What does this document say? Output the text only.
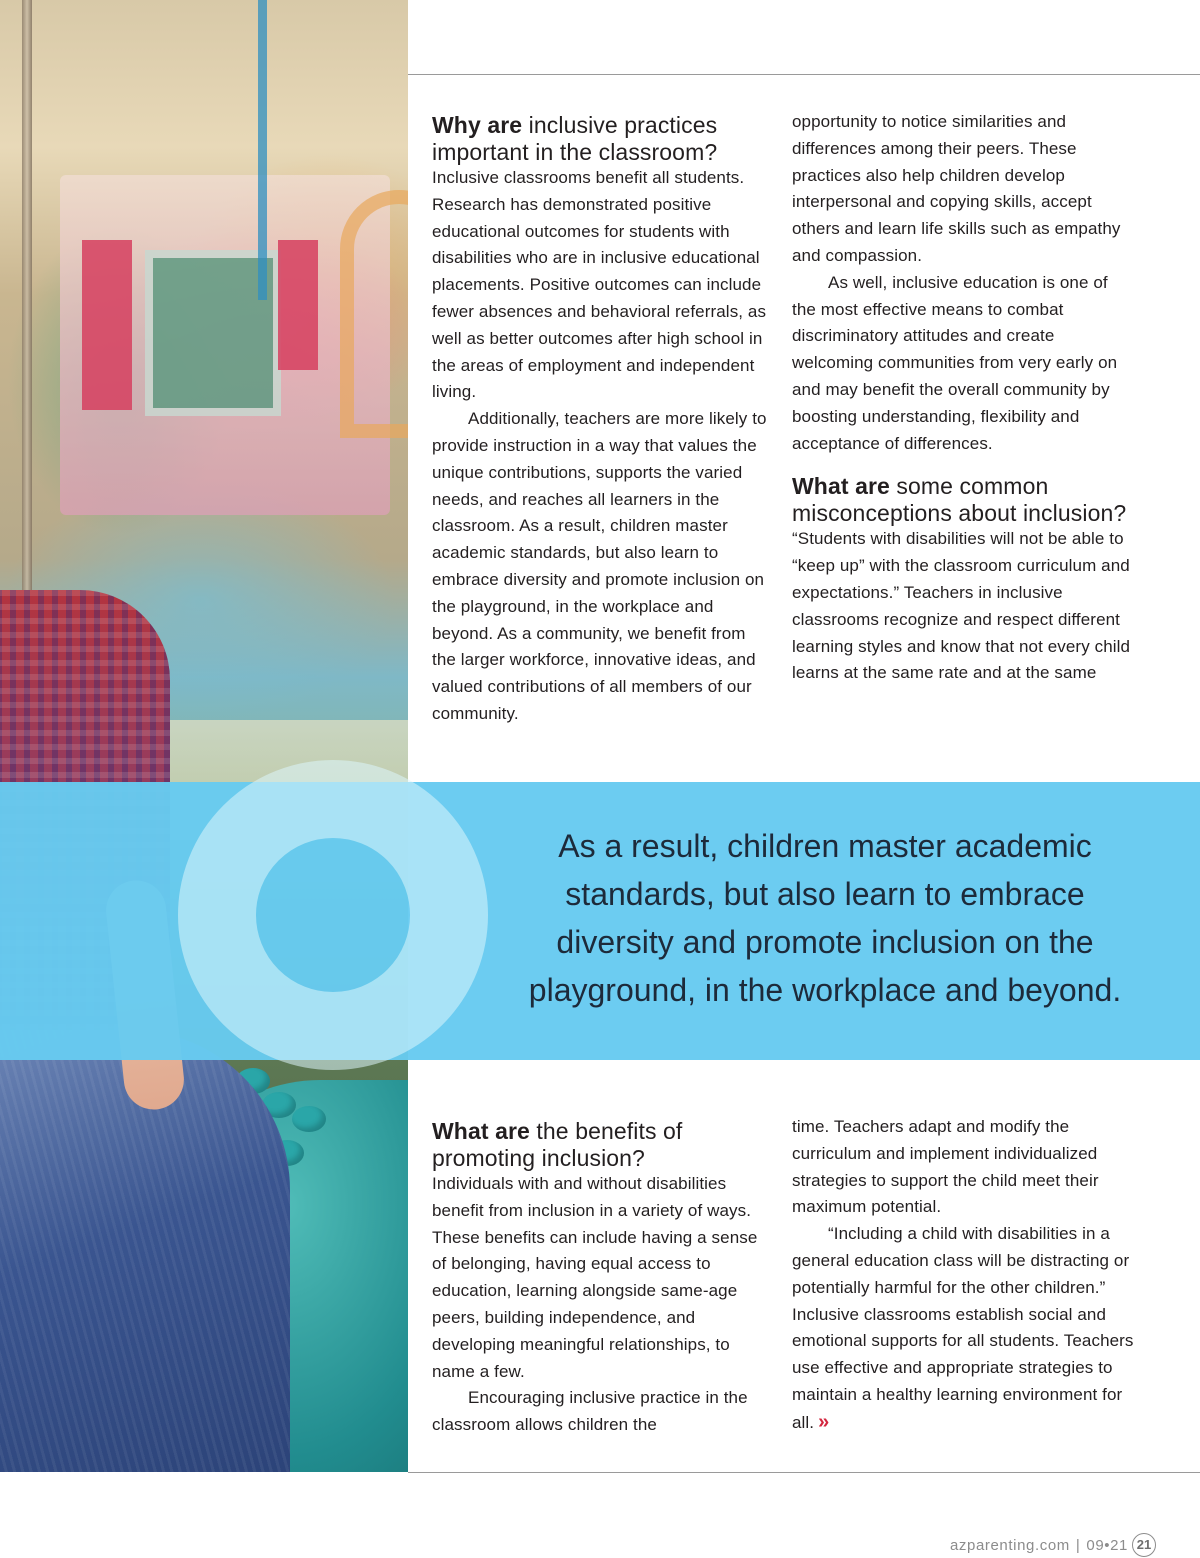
Why are inclusive practices important in the classroom?

Inclusive classrooms benefit all students. Research has demonstrated positive educational outcomes for students with disabilities who are in inclusive educational placements. Positive outcomes can include fewer absences and behavioral referrals, as well as better outcomes after high school in the areas of employment and independent living.

Additionally, teachers are more likely to provide instruction in a way that values the unique contributions, supports the varied needs, and reaches all learners in the classroom. As a result, children master academic standards, but also learn to embrace diversity and promote inclusion on the playground, in the workplace and beyond. As a community, we benefit from the larger workforce, innovative ideas, and valued contributions of all members of our community.

opportunity to notice similarities and differences among their peers. These practices also help children develop interpersonal and copying skills, accept others and learn life skills such as empathy and compassion.

As well, inclusive education is one of the most effective means to combat discriminatory attitudes and create welcoming communities from very early on and may benefit the overall community by boosting understanding, flexibility and acceptance of differences.

What are some common misconceptions about inclusion?

“Students with disabilities will not be able to “keep up” with the classroom curriculum and expectations.” Teachers in inclusive classrooms recognize and respect different learning styles and know that not every child learns at the same rate and at the same

As a result, children master academic
standards, but also learn to embrace
diversity and promote inclusion on the
playground, in the workplace and beyond.
What are the benefits of promoting inclusion?

Individuals with and without disabilities benefit from inclusion in a variety of ways. These benefits can include having a sense of belonging, having equal access to education, learning alongside same-age peers, building independence, and developing meaningful relationships, to name a few.

Encouraging inclusive practice in the classroom allows children the

time. Teachers adapt and modify the curriculum and implement individualized strategies to support the child meet their maximum potential.

“Including a child with disabilities in a general education class will be distracting or potentially harmful for the other children.” Inclusive classrooms establish social and emotional supports for all students. Teachers use effective and appropriate strategies to maintain a healthy learning environment for all. »

azparenting.com | 09•21 21
